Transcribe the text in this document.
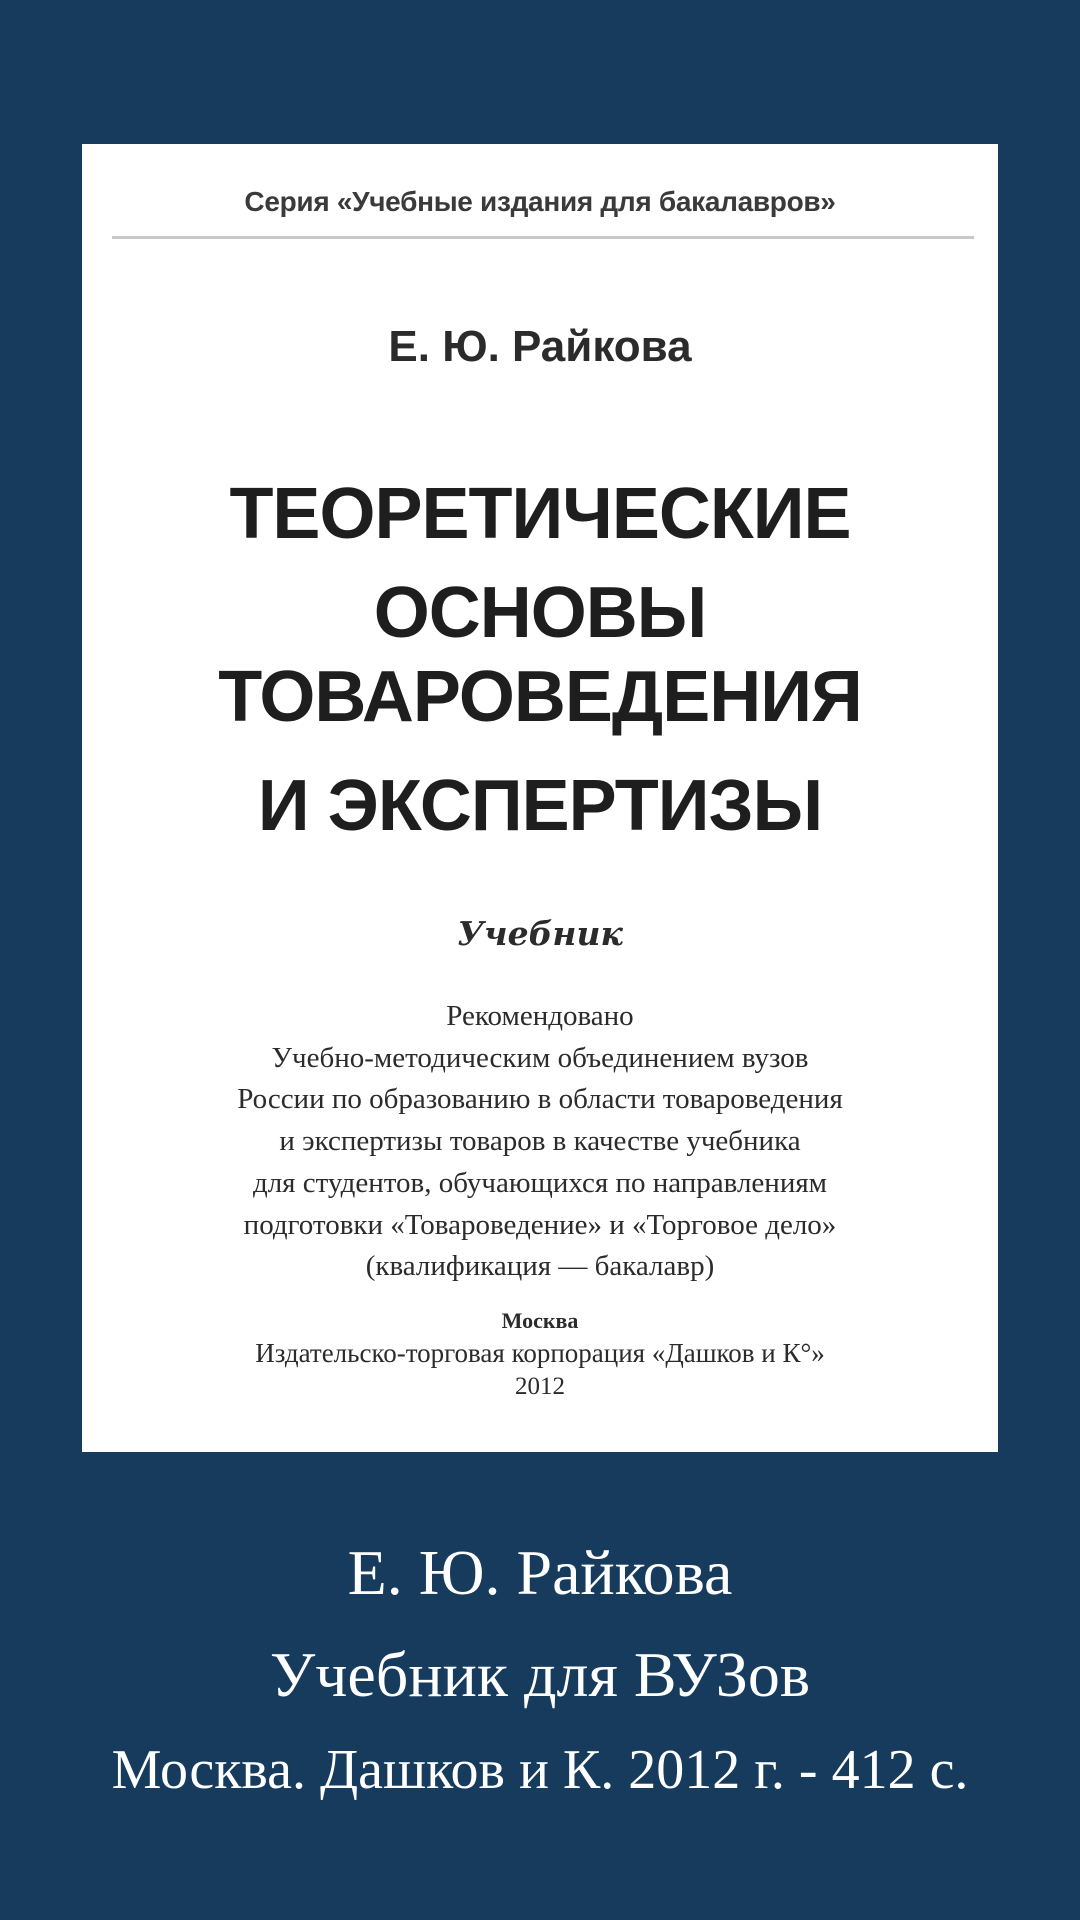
Серия «Учебные издания для бакалавров»
Е. Ю. Райкова
ТЕОРЕТИЧЕСКИЕ
ОСНОВЫ
ТОВАРОВЕДЕНИЯ
И ЭКСПЕРТИЗЫ
Учебник
Рекомендовано
Учебно-методическим объединением вузов
России по образованию в области товароведения
и экспертизы товаров в качестве учебника
для студентов, обучающихся по направлениям
подготовки «Товароведение» и «Торговое дело»
(квалификация — бакалавр)
Москва
Издательско-торговая корпорация «Дашков и К°»
2012
Е. Ю. Райкова
Учебник для ВУЗов
Москва. Дашков и К. 2012 г. - 412 с.
